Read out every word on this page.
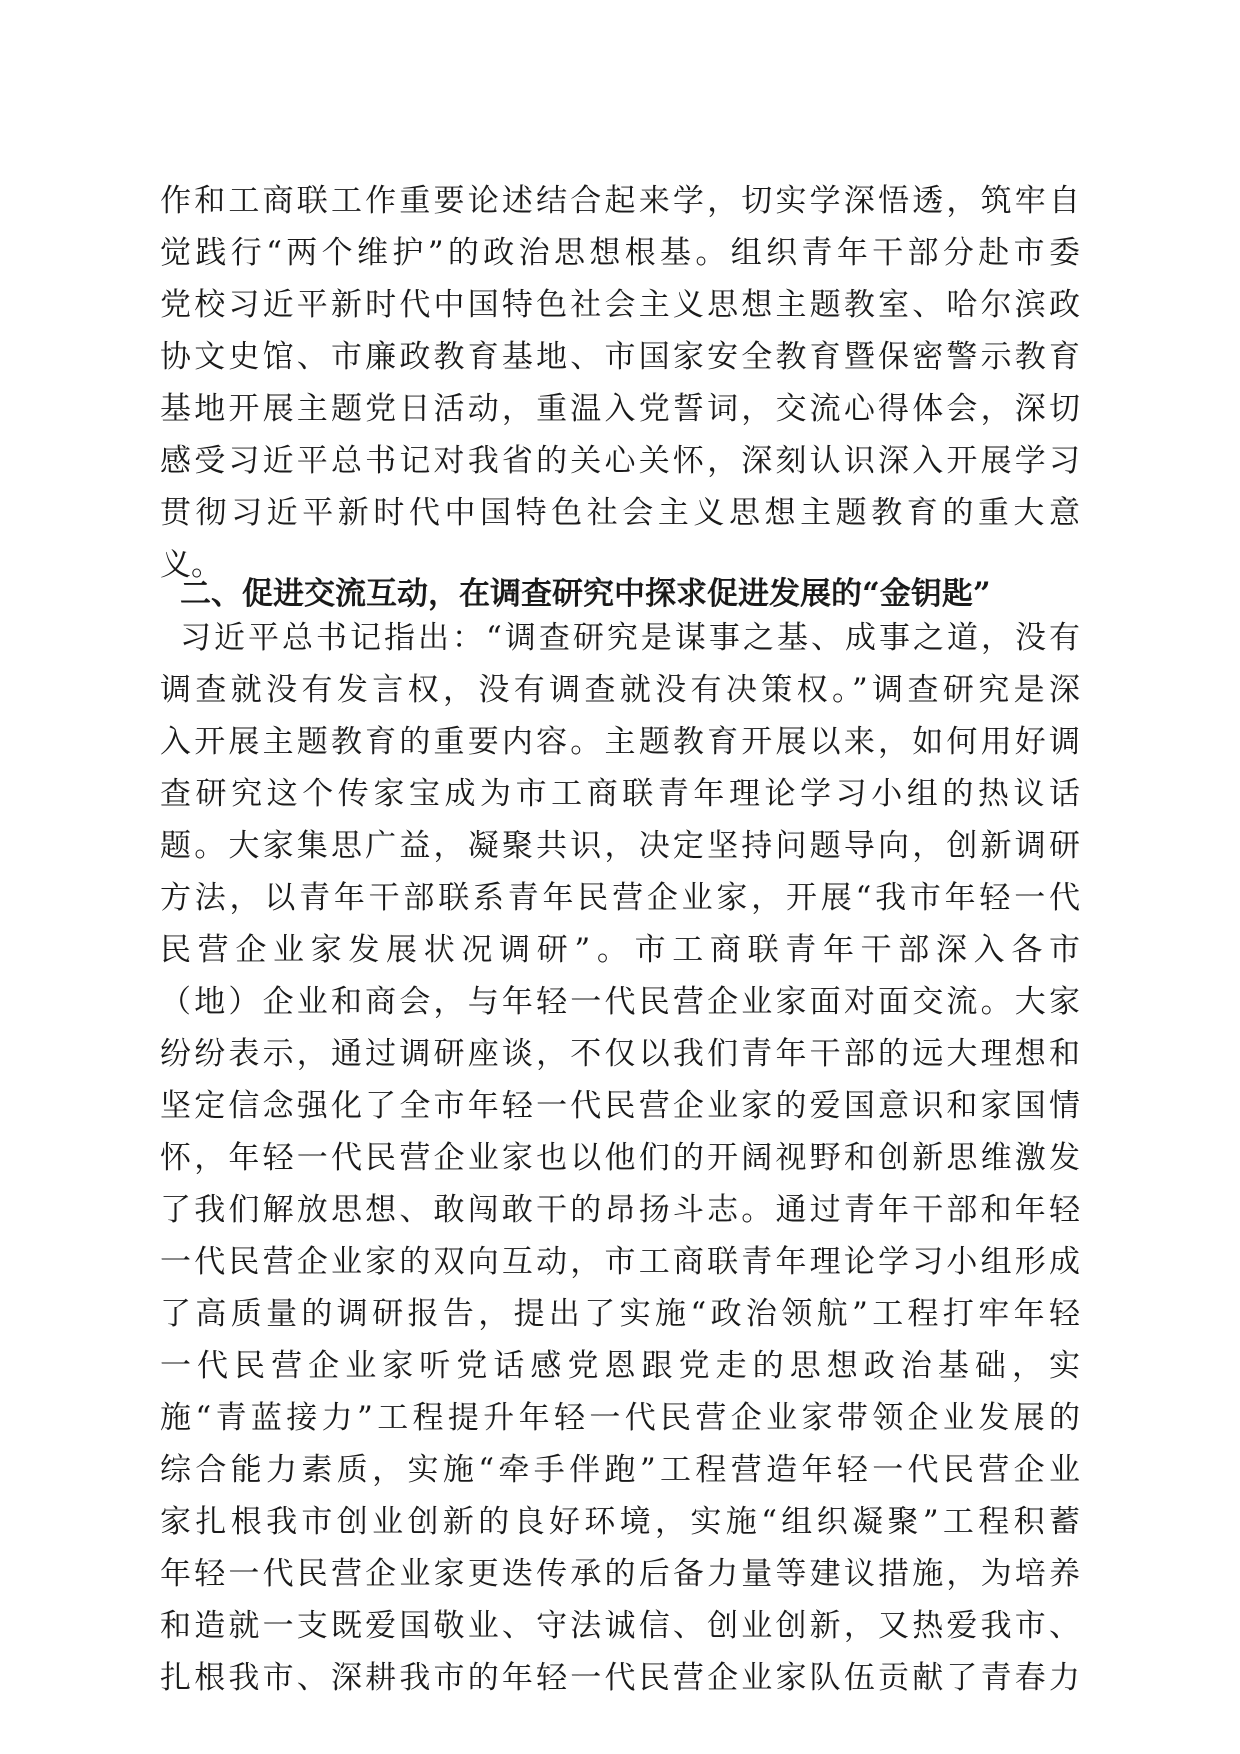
作和工商联工作重要论述结合起来学，切实学深悟透，筑牢自
觉践行“两个维护”的政治思想根基。组织青年干部分赴市委
党校习近平新时代中国特色社会主义思想主题教室、哈尔滨政
协文史馆、市廉政教育基地、市国家安全教育暨保密警示教育
基地开展主题党日活动，重温入党誓词，交流心得体会，深切
感受习近平总书记对我省的关心关怀，深刻认识深入开展学习
贯彻习近平新时代中国特色社会主义思想主题教育的重大意
义。
二、促进交流互动，在调查研究中探求促进发展的“金钥匙”
习近平总书记指出：“调查研究是谋事之基、成事之道，没有
调查就没有发言权，没有调查就没有决策权。”调查研究是深
入开展主题教育的重要内容。主题教育开展以来，如何用好调
查研究这个传家宝成为市工商联青年理论学习小组的热议话
题。大家集思广益，凝聚共识，决定坚持问题导向，创新调研
方法，以青年干部联系青年民营企业家，开展“我市年轻一代
民营企业家发展状况调研”。市工商联青年干部深入各市
（地）企业和商会，与年轻一代民营企业家面对面交流。大家
纷纷表示，通过调研座谈，不仅以我们青年干部的远大理想和
坚定信念强化了全市年轻一代民营企业家的爱国意识和家国情
怀，年轻一代民营企业家也以他们的开阔视野和创新思维激发
了我们解放思想、敢闯敢干的昂扬斗志。通过青年干部和年轻
一代民营企业家的双向互动，市工商联青年理论学习小组形成
了高质量的调研报告，提出了实施“政治领航”工程打牢年轻
一代民营企业家听党话感党恩跟党走的思想政治基础，实
施“青蓝接力”工程提升年轻一代民营企业家带领企业发展的
综合能力素质，实施“牵手伴跑”工程营造年轻一代民营企业
家扎根我市创业创新的良好环境，实施“组织凝聚”工程积蓄
年轻一代民营企业家更迭传承的后备力量等建议措施，为培养
和造就一支既爱国敬业、守法诚信、创业创新，又热爱我市、
扎根我市、深耕我市的年轻一代民营企业家队伍贡献了青春力
